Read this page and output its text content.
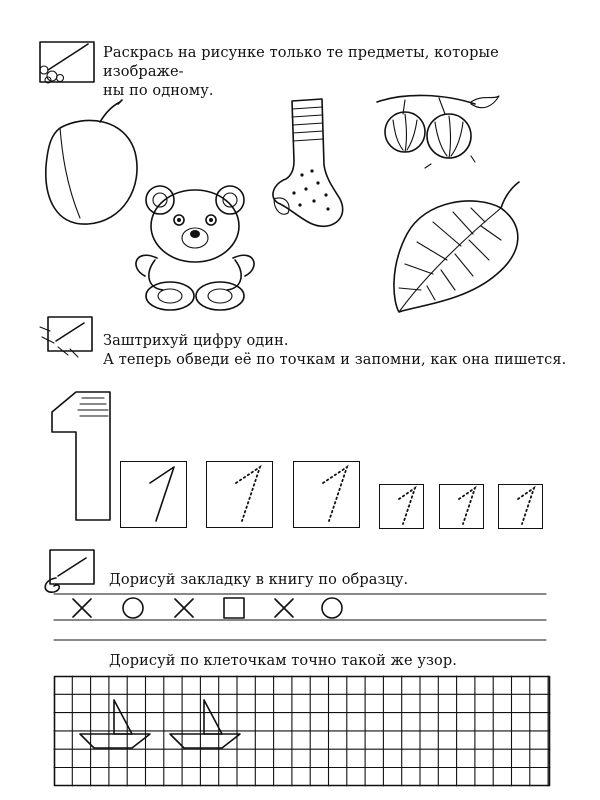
Раскрась на рисунке только те предметы, которые изображе-
ны по одному.
Заштрихуй цифру один.
А теперь обведи её по точкам и запомни, как она пишется.
Дорисуй закладку в книгу по образцу.
Дорисуй по клеточкам точно такой же узор.
